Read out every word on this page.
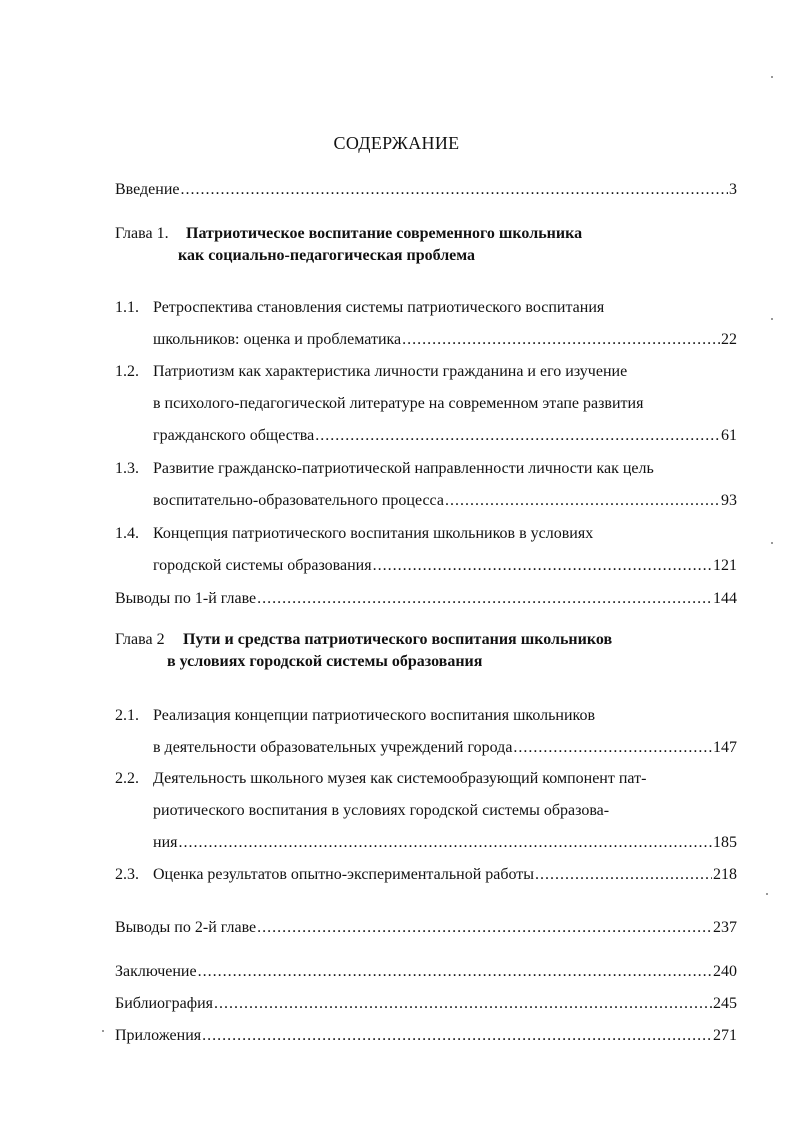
СОДЕРЖАНИЕ
Введение .....	3
Глава 1. Патриотическое воспитание современного школьника
как социально-педагогическая проблема
1.1. Ретроспектива становления системы патриотического воспитания
школьников: оценка и проблематика .....	22
1.2. Патриотизм как характеристика личности гражданина и его изучение
в психолого-педагогической литературе на современном этапе развития
гражданского общества .....	61
1.3. Развитие гражданско-патриотической направленности личности как цель
воспитательно-образовательного процесса .....	93
1.4. Концепция патриотического воспитания школьников в условиях
городской системы образования .....	121
Выводы по 1-й главе .....	144
Глава 2 Пути и средства патриотического воспитания школьников
в условиях городской системы образования
2.1. Реализация концепции патриотического воспитания школьников
в деятельности образовательных учреждений города .....	147
2.2. Деятельность школьного музея как системообразующий компонент пат-
риотического воспитания в условиях городской системы образова-
ния .....	185
2.3. Оценка результатов опытно-экспериментальной работы .....	218
Выводы по 2-й главе .....	237
Заключение .....	240
Библиография .....	245
Приложения .....	271
